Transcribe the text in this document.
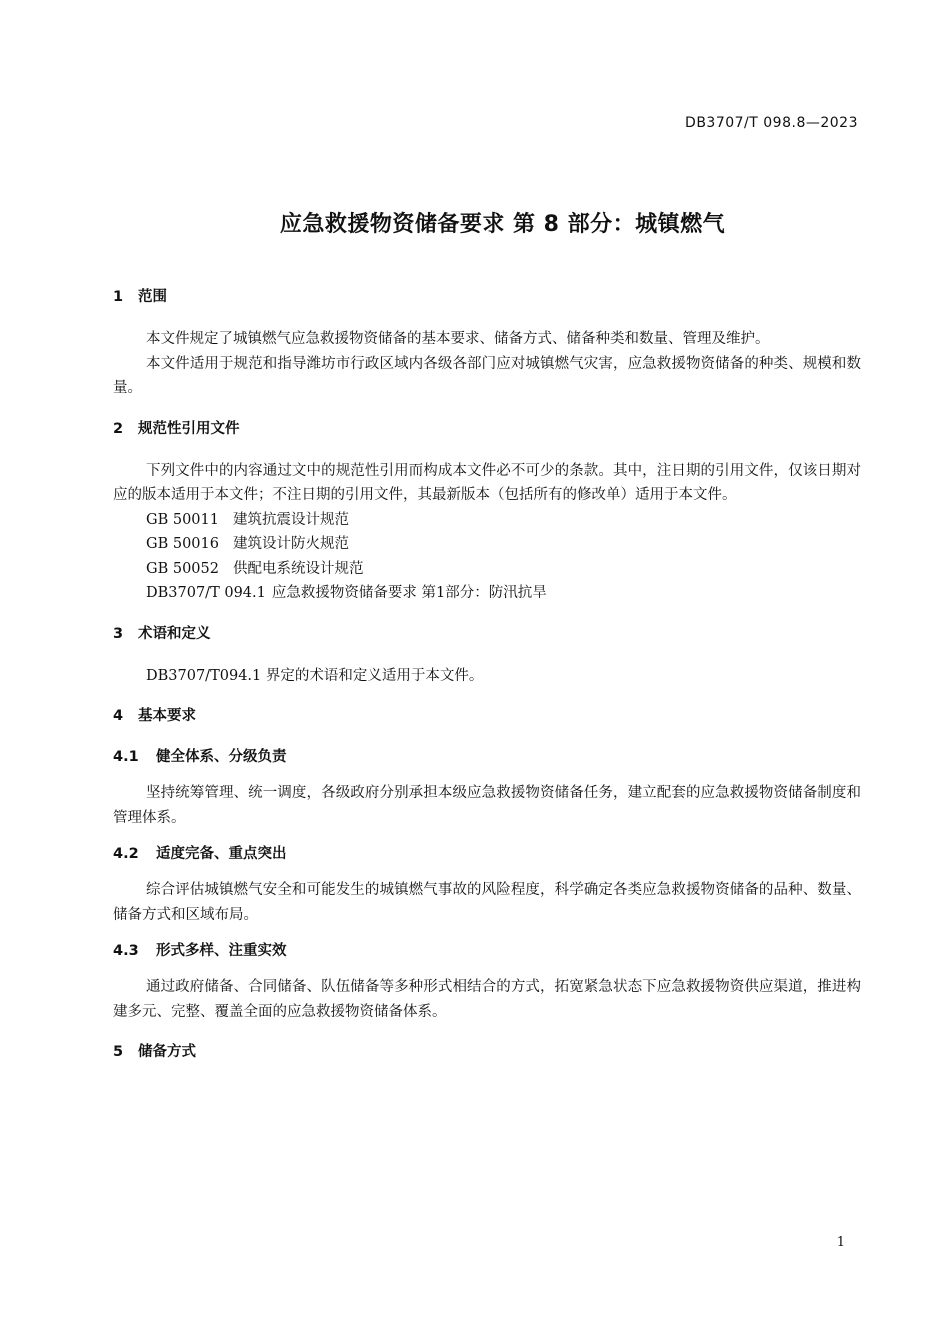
DB3707/T 098.8—2023
应急救援物资储备要求 第 8 部分：城镇燃气
1 范围

本文件规定了城镇燃气应急救援物资储备的基本要求、储备方式、储备种类和数量、管理及维护。

本文件适用于规范和指导潍坊市行政区域内各级各部门应对城镇燃气灾害，应急救援物资储备的种类、规模和数量。

2 规范性引用文件

下列文件中的内容通过文中的规范性引用而构成本文件必不可少的条款。其中，注日期的引用文件，仅该日期对应的版本适用于本文件；不注日期的引用文件，其最新版本（包括所有的修改单）适用于本文件。

GB 50011 建筑抗震设计规范
GB 50016 建筑设计防火规范
GB 50052 供配电系统设计规范
DB3707/T 094.1 应急救援物资储备要求 第1部分：防汛抗旱
3 术语和定义

DB3707/T094.1 界定的术语和定义适用于本文件。

4 基本要求
4.1 健全体系、分级负责

坚持统筹管理、统一调度，各级政府分别承担本级应急救援物资储备任务，建立配套的应急救援物资储备制度和管理体系。

4.2 适度完备、重点突出

综合评估城镇燃气安全和可能发生的城镇燃气事故的风险程度，科学确定各类应急救援物资储备的品种、数量、储备方式和区域布局。

4.3 形式多样、注重实效

通过政府储备、合同储备、队伍储备等多种形式相结合的方式，拓宽紧急状态下应急救援物资供应渠道，推进构建多元、完整、覆盖全面的应急救援物资储备体系。

5 储备方式
1
